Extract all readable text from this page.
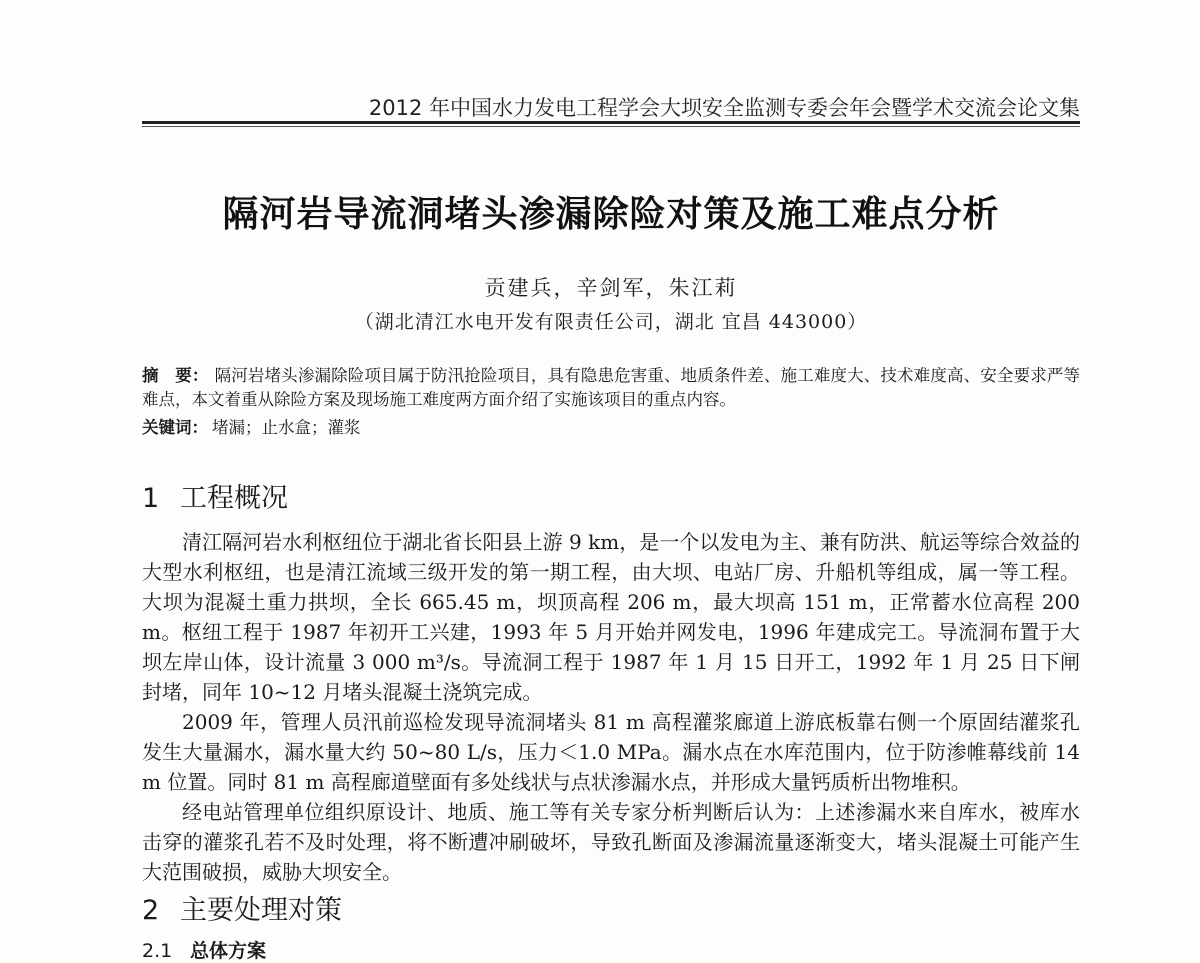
2012 年中国水力发电工程学会大坝安全监测专委会年会暨学术交流会论文集
隔河岩导流洞堵头渗漏除险对策及施工难点分析
贡建兵，辛剑军，朱江莉
（湖北清江水电开发有限责任公司，湖北 宜昌 443000）
摘　要： 隔河岩堵头渗漏除险项目属于防汛抢险项目，具有隐患危害重、地质条件差、施工难度大、技术难度高、安全要求严等难点，本文着重从除险方案及现场施工难度两方面介绍了实施该项目的重点内容。
关键词： 堵漏；止水盒；灌浆
1 工程概况

清江隔河岩水利枢纽位于湖北省长阳县上游 9 km，是一个以发电为主、兼有防洪、航运等综合效益的大型水利枢纽，也是清江流域三级开发的第一期工程，由大坝、电站厂房、升船机等组成，属一等工程。大坝为混凝土重力拱坝，全长 665.45 m，坝顶高程 206 m，最大坝高 151 m，正常蓄水位高程 200 m。枢纽工程于 1987 年初开工兴建，1993 年 5 月开始并网发电，1996 年建成完工。导流洞布置于大坝左岸山体，设计流量 3 000 m³/s。导流洞工程于 1987 年 1 月 15 日开工，1992 年 1 月 25 日下闸封堵，同年 10~12 月堵头混凝土浇筑完成。

2009 年，管理人员汛前巡检发现导流洞堵头 81 m 高程灌浆廊道上游底板靠右侧一个原固结灌浆孔发生大量漏水，漏水量大约 50~80 L/s，压力＜1.0 MPa。漏水点在水库范围内，位于防渗帷幕线前 14 m 位置。同时 81 m 高程廊道壁面有多处线状与点状渗漏水点，并形成大量钙质析出物堆积。

经电站管理单位组织原设计、地质、施工等有关专家分析判断后认为：上述渗漏水来自库水，被库水击穿的灌浆孔若不及时处理，将不断遭冲刷破坏，导致孔断面及渗漏流量逐渐变大，堵头混凝土可能产生大范围破损，威胁大坝安全。

2 主要处理对策
2.1 总体方案
